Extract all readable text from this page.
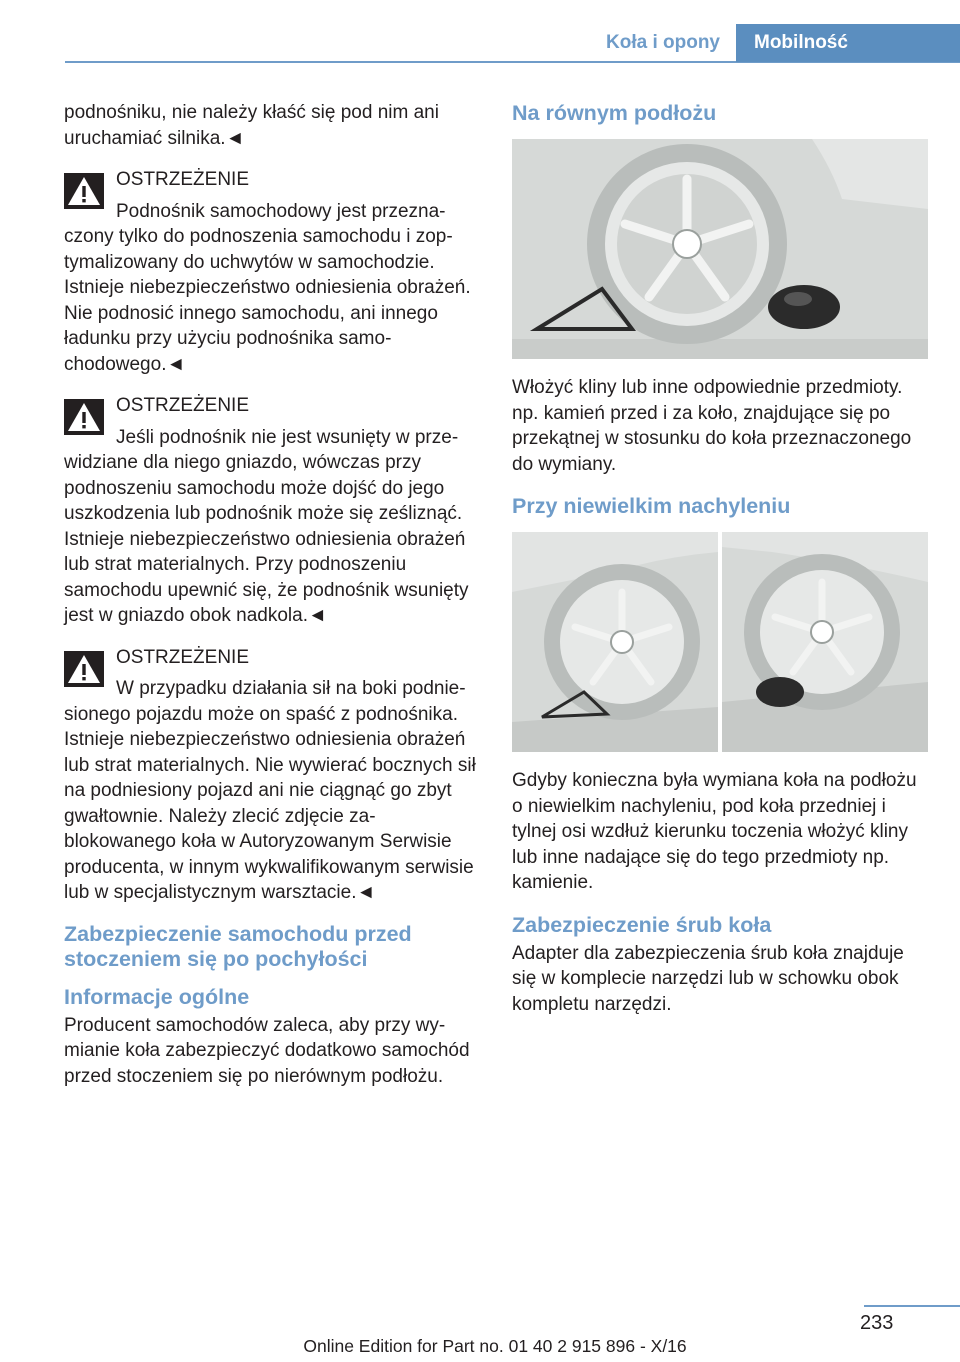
Koła i opony	Mobilność

podnośniku, nie należy kłaść się pod nim ani uruchamiać silnika.◄

OSTRZEŻENIE
Podnośnik samochodowy jest przezna-
czony tylko do podnoszenia samochodu i zoptymalizowany do uchwytów w samochodzie. Istnieje niebezpieczeństwo odniesienia obrażeń. Nie podnosić innego samochodu, ani innego ładunku przy użyciu podnośnika samochodowego.◄
OSTRZEŻENIE
Jeśli podnośnik nie jest wsunięty w prze-
widziane dla niego gniazdo, wówczas przy podnoszeniu samochodu może dojść do jego uszkodzenia lub podnośnik może się ześliznąć. Istnieje niebezpieczeństwo odniesienia obrażeń lub strat materialnych. Przy podnoszeniu samochodu upewnić się, że podnośnik wsunięty jest w gniazdo obok nadkola.◄
OSTRZEŻENIE
W przypadku działania sił na boki podnie-
sionego pojazdu może on spaść z podnośnika. Istnieje niebezpieczeństwo odniesienia obrażeń lub strat materialnych. Nie wywierać bocznych sił na podniesiony pojazd ani nie ciągnąć go zbyt gwałtownie. Należy zlecić zdjęcie zablokowanego koła w Autoryzowanym Serwisie producenta, w innym wykwalifikowanym serwisie lub w specjalistycznym warsztacie.◄
Zabezpieczenie samochodu przed stoczeniem się po pochyłości
Informacje ogólne

Producent samochodów zaleca, aby przy wymianie koła zabezpieczyć dodatkowo samochód przed stoczeniem się po nierównym podłożu.

Na równym podłożu

Włożyć kliny lub inne odpowiednie przedmioty. np. kamień przed i za koło, znajdujące się po przekątnej w stosunku do koła przeznaczonego do wymiany.

Przy niewielkim nachyleniu

Gdyby konieczna była wymiana koła na podłożu o niewielkim nachyleniu, pod koła przedniej i tylnej osi wzdłuż kierunku toczenia włożyć kliny lub inne nadające się do tego przedmioty np. kamienie.

Zabezpieczenie śrub koła

Adapter dla zabezpieczenia śrub koła znajduje się w komplecie narzędzi lub w schowku obok kompletu narzędzi.

233
Online Edition for Part no. 01 40 2 915 896 - X/16
